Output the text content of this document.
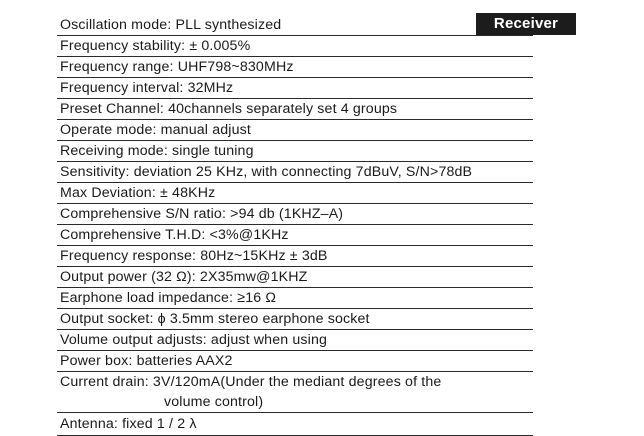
Receiver
Oscillation mode: PLL synthesized
Frequency stability: ± 0.005%
Frequency range: UHF798~830MHz
Frequency interval: 32MHz
Preset Channel: 40channels separately set 4 groups
Operate mode: manual adjust
Receiving mode: single tuning
Sensitivity: deviation 25 KHz, with connecting 7dBuV, S/N>78dB
Max Deviation: ± 48KHz
Comprehensive S/N ratio: >94 db (1KHZ–A)
Comprehensive T.H.D: <3%@1KHz
Frequency response: 80Hz~15KHz ± 3dB
Output power (32 Ω): 2X35mw@1KHZ
Earphone load impedance: ≥16 Ω
Output socket: ϕ 3.5mm stereo earphone socket
Volume output adjusts: adjust when using
Power box: batteries AAX2
Current drain: 3V/120mA(Under the mediant degrees of the
volume control)
Antenna: fixed 1 / 2 λ
